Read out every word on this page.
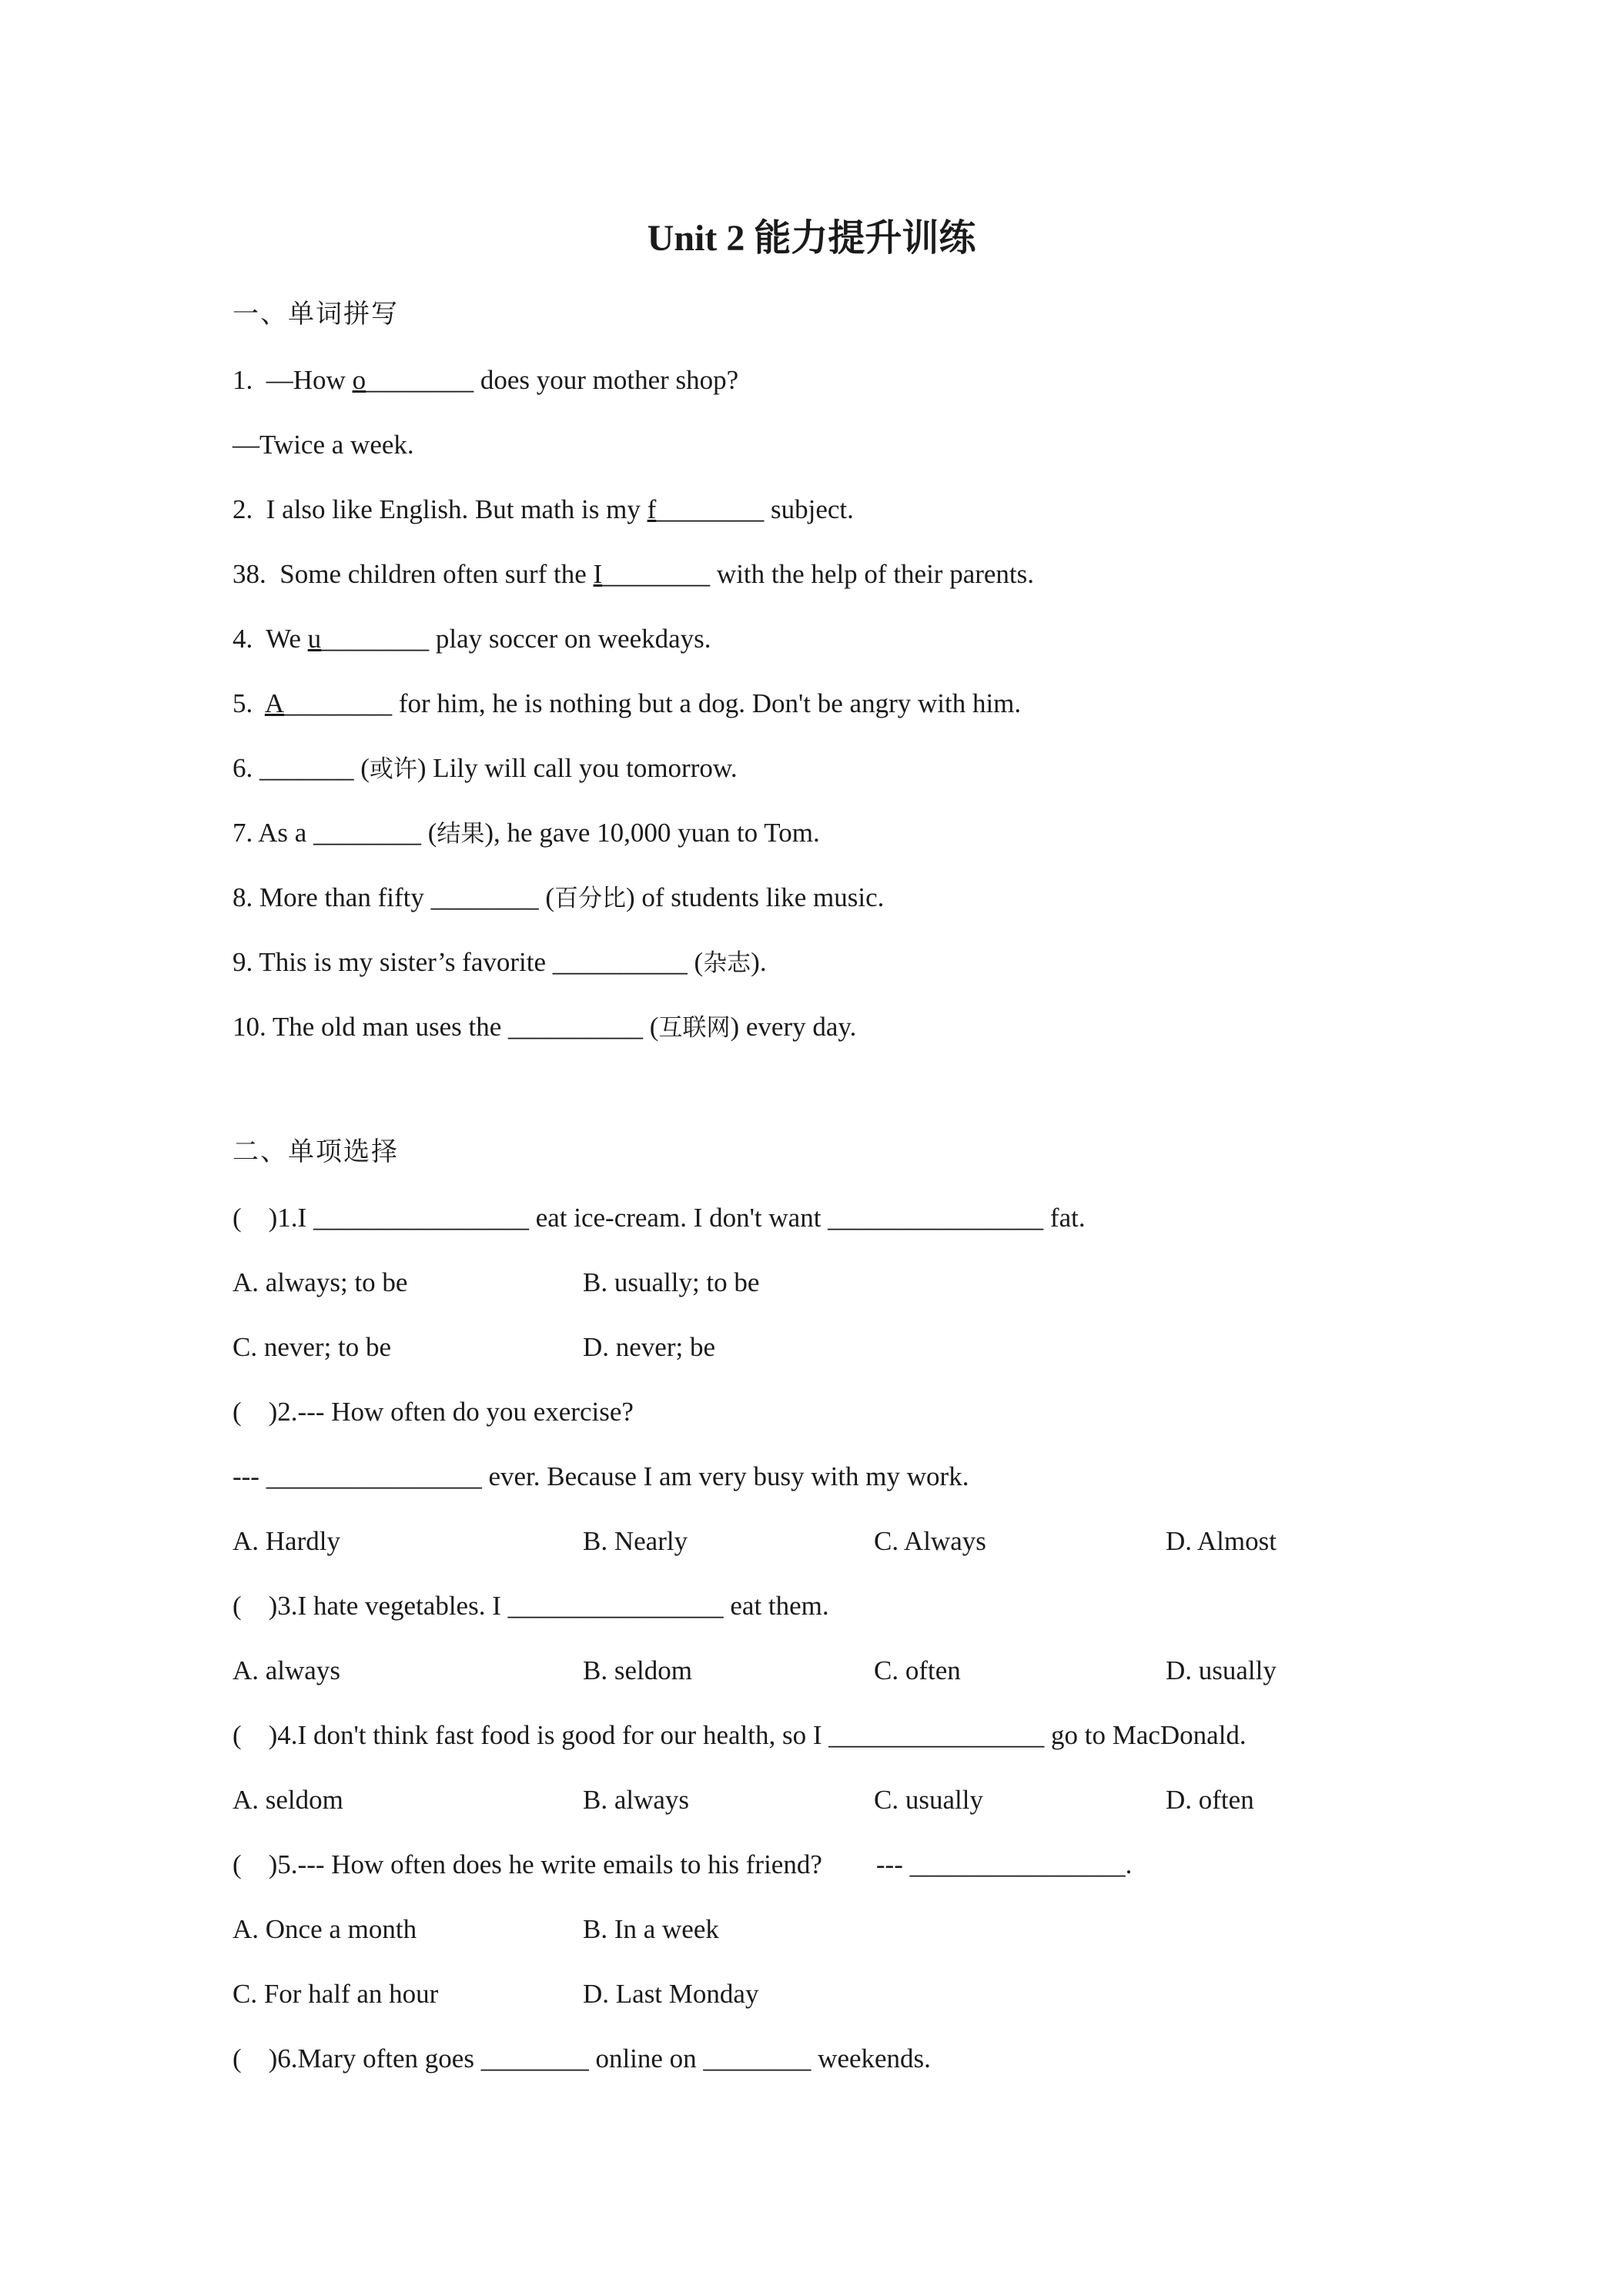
Unit 2 能力提升训练
一、单词拼写
1.  —How o________ does your mother shop?
—Twice a week.
2.  I also like English. But math is my f________ subject.
38.  Some children often surf the I________ with the help of their parents.
4.  We u________ play soccer on weekdays.
5.  A________ for him, he is nothing but a dog. Don't be angry with him.
6. _______ (或许) Lily will call you tomorrow.
7. As a ________ (结果), he gave 10,000 yuan to Tom.
8. More than fifty ________ (百分比) of students like music.
9. This is my sister’s favorite __________ (杂志).
10. The old man uses the __________ (互联网) every day.
二、单项选择
(    )1.I ________________ eat ice-cream. I don't want ________________ fat.
A. always; to be	B. usually; to be
C. never; to be	D. never; be
(    )2.--- How often do you exercise?
--- ________________ ever. Because I am very busy with my work.
A. Hardly	B. Nearly	C. Always	D. Almost
(    )3.I hate vegetables. I ________________ eat them.
A. always	B. seldom	C. often	D. usually
(    )4.I don't think fast food is good for our health, so I ________________ go to MacDonald.
A. seldom	B. always	C. usually	D. often
(    )5.--- How often does he write emails to his friend?        --- ________________.
A. Once a month	B. In a week
C. For half an hour	D. Last Monday
(    )6.Mary often goes ________ online on ________ weekends.
